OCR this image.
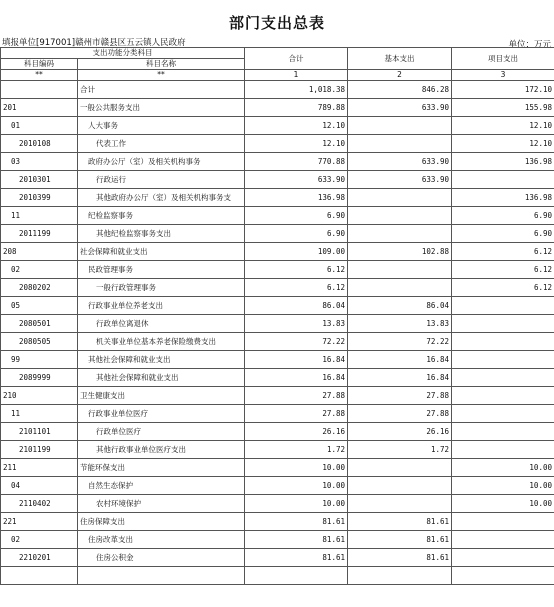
部门支出总表
填报单位[917001]赣州市赣县区五云镇人民政府	单位：万元
支出功能分类科目		合计	基本支出	项目支出
科目编码	科目名称			
**	**	1	2	3
	合计	1,018.38	846.28	172.10
201	一般公共服务支出	789.88	633.90	155.98
01	人大事务	12.10		12.10
2010108	代表工作	12.10		12.10
03	政府办公厅（室）及相关机构事务	770.88	633.90	136.98
2010301	行政运行	633.90	633.90	
2010399	其他政府办公厅（室）及相关机构事务支	136.98		136.98
11	纪检监察事务	6.90		6.90
2011199	其他纪检监察事务支出	6.90		6.90
208	社会保障和就业支出	109.00	102.88	6.12
02	民政管理事务	6.12		6.12
2080202	一般行政管理事务	6.12		6.12
05	行政事业单位养老支出	86.04	86.04	
2080501	行政单位离退休	13.83	13.83	
2080505	机关事业单位基本养老保险缴费支出	72.22	72.22	
99	其他社会保障和就业支出	16.84	16.84	
2089999	其他社会保障和就业支出	16.84	16.84	
210	卫生健康支出	27.88	27.88	
11	行政事业单位医疗	27.88	27.88	
2101101	行政单位医疗	26.16	26.16	
2101199	其他行政事业单位医疗支出	1.72	1.72	
211	节能环保支出	10.00		10.00
04	自然生态保护	10.00		10.00
2110402	农村环境保护	10.00		10.00
221	住房保障支出	81.61	81.61	
02	住房改革支出	81.61	81.61	
2210201	住房公积金	81.61	81.61	
